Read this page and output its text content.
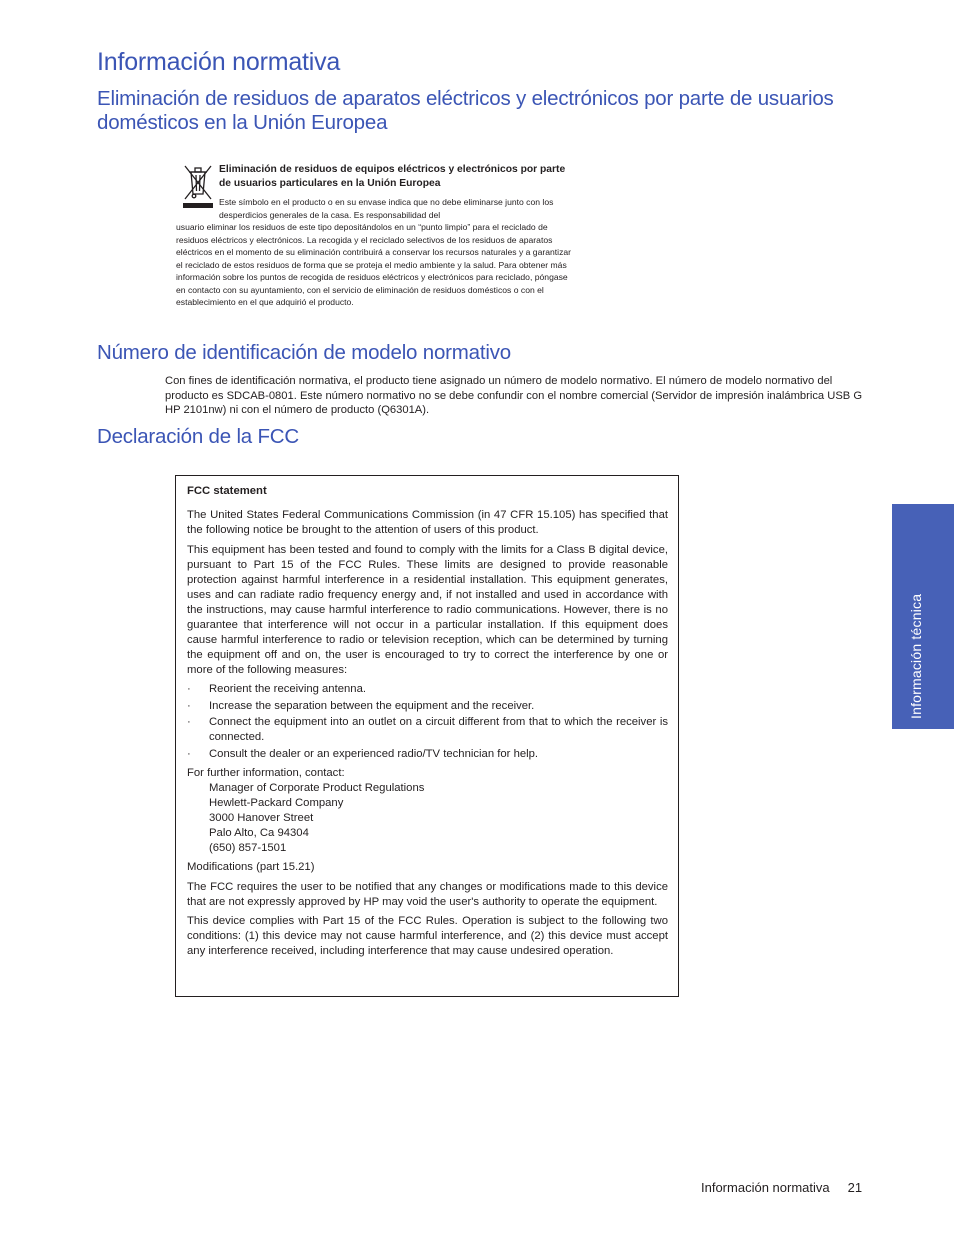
Información normativa
Eliminación de residuos de aparatos eléctricos y electrónicos por parte de usuarios domésticos en la Unión Europea
Eliminación de residuos de equipos eléctricos y electrónicos por parte de usuarios particulares en la Unión Europea
Este símbolo en el producto o en su envase indica que no debe eliminarse junto con los desperdicios generales de la casa. Es responsabilidad del
usuario eliminar los residuos de este tipo depositándolos en un “punto limpio” para el reciclado de residuos eléctricos y electrónicos. La recogida y el reciclado selectivos de los residuos de aparatos eléctricos en el momento de su eliminación contribuirá a conservar los recursos naturales y a garantizar el reciclado de estos residuos de forma que se proteja el medio ambiente y la salud. Para obtener más información sobre los puntos de recogida de residuos eléctricos y electrónicos para reciclado, póngase en contacto con su ayuntamiento, con el servicio de eliminación de residuos domésticos o con el establecimiento en el que adquirió el producto.
Número de identificación de modelo normativo
Con fines de identificación normativa, el producto tiene asignado un número de modelo normativo. El número de modelo normativo del producto es SDCAB-0801. Este número normativo no se debe confundir con el nombre comercial (Servidor de impresión inalámbrica USB G HP 2101nw) ni con el número de producto (Q6301A).
Declaración de la FCC

FCC statement

The United States Federal Communications Commission (in 47 CFR 15.105) has specified that the following notice be brought to the attention of users of this product.

This equipment has been tested and found to comply with the limits for a Class B digital device, pursuant to Part 15 of the FCC Rules. These limits are designed to provide reasonable protection against harmful interference in a residential installation. This equipment generates, uses and can radiate radio frequency energy and, if not installed and used in accordance with the instructions, may cause harmful interference to radio communications. However, there is no guarantee that interference will not occur in a particular installation. If this equipment does cause harmful interference to radio or television reception, which can be determined by turning the equipment off and on, the user is encouraged to try to correct the interference by one or more of the following measures:

· Reorient the receiving antenna.
· Increase the separation between the equipment and the receiver.
· Connect the equipment into an outlet on a circuit different from that to which the receiver is connected.
· Consult the dealer or an experienced radio/TV technician for help.

For further information, contact:
Manager of Corporate Product Regulations
Hewlett-Packard Company
3000 Hanover Street
Palo Alto, Ca 94304
(650) 857-1501

Modifications (part 15.21)

The FCC requires the user to be notified that any changes or modifications made to this device that are not expressly approved by HP may void the user's authority to operate the equipment.

This device complies with Part 15 of the FCC Rules. Operation is subject to the following two conditions: (1) this device may not cause harmful interference, and (2) this device must accept any interference received, including interference that may cause undesired operation.

Información técnica
Información normativa 21
